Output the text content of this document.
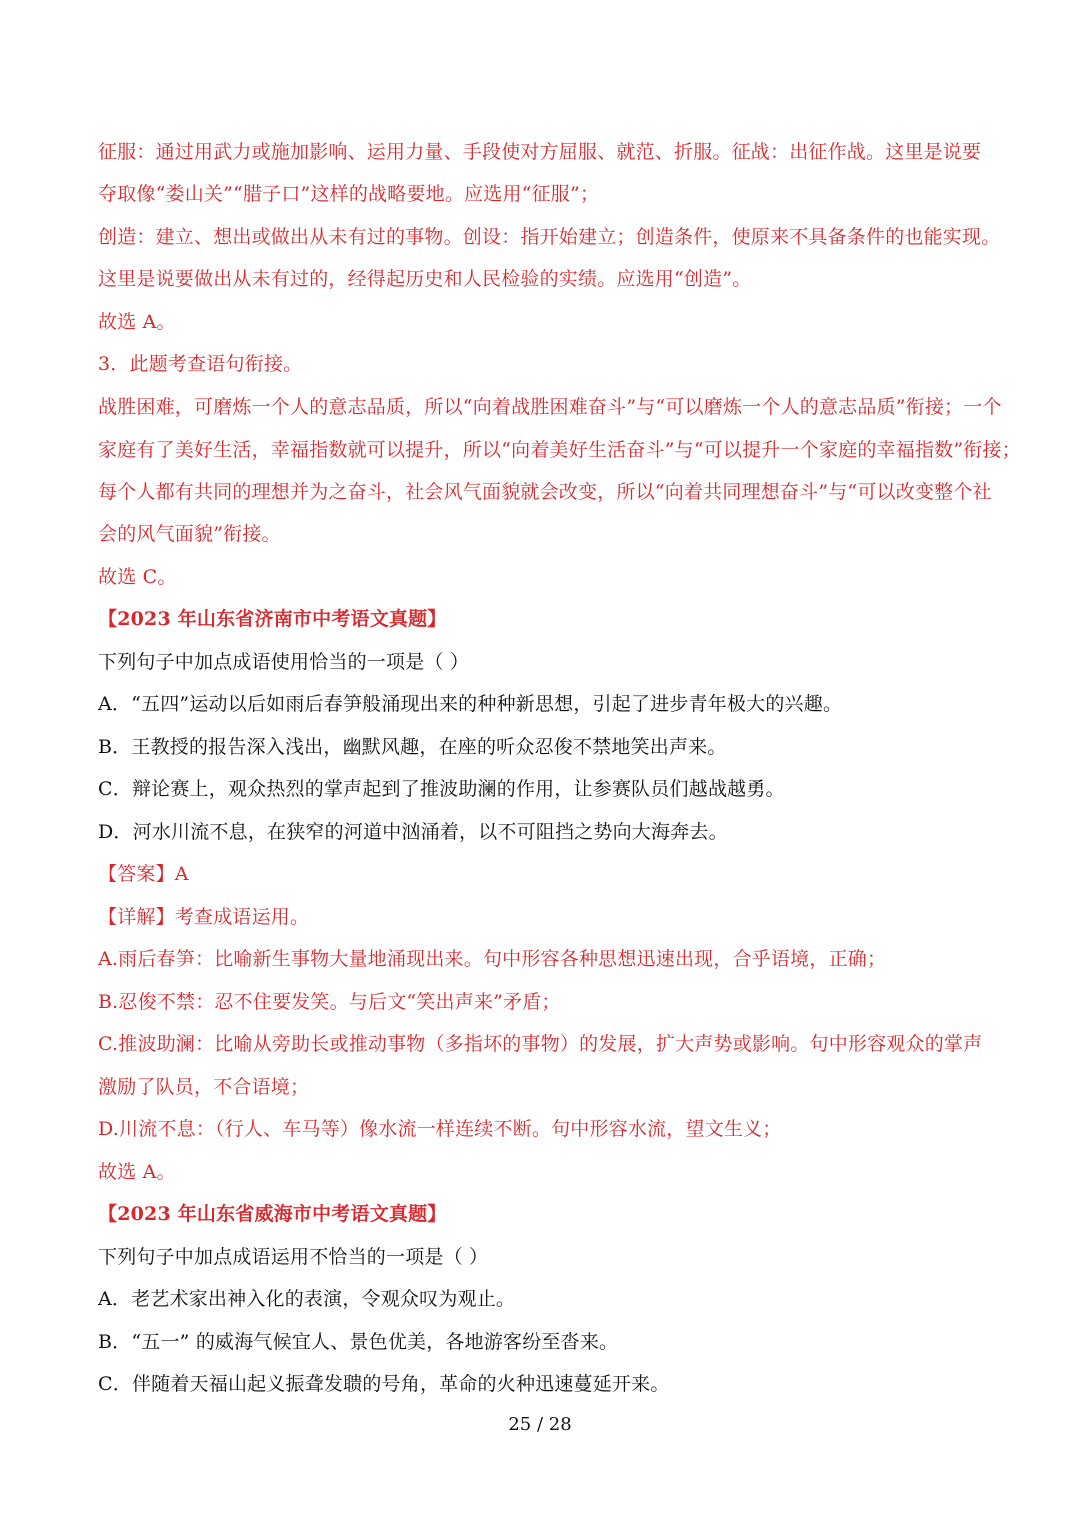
征服：通过用武力或施加影响、运用力量、手段使对方屈服、就范、折服。征战：出征作战。这里是说要
夺取像“娄山关”“腊子口”这样的战略要地。应选用“征服”；
创造：建立、想出或做出从未有过的事物。创设：指开始建立；创造条件，使原来不具备条件的也能实现。
这里是说要做出从未有过的，经得起历史和人民检验的实绩。应选用“创造”。
故选 A。
3．此题考查语句衔接。
战胜困难，可磨炼一个人的意志品质，所以“向着战胜困难奋斗”与“可以磨炼一个人的意志品质”衔接；一个
家庭有了美好生活，幸福指数就可以提升，所以“向着美好生活奋斗”与“可以提升一个家庭的幸福指数”衔接；
每个人都有共同的理想并为之奋斗，社会风气面貌就会改变，所以“向着共同理想奋斗”与“可以改变整个社
会的风气面貌”衔接。
故选 C。
【2023 年山东省济南市中考语文真题】
下列句子中加点成语使用恰当的一项是（ ）
A．“五四”运动以后如雨后春笋般涌现出来的种种新思想，引起了进步青年极大的兴趣。
B．王教授的报告深入浅出，幽默风趣，在座的听众忍俊不禁地笑出声来。
C．辩论赛上，观众热烈的掌声起到了推波助澜的作用，让参赛队员们越战越勇。
D．河水川流不息，在狭窄的河道中汹涌着，以不可阻挡之势向大海奔去。
【答案】A
【详解】考查成语运用。
A.雨后春笋：比喻新生事物大量地涌现出来。句中形容各种思想迅速出现，合乎语境，正确；
B.忍俊不禁：忍不住要发笑。与后文“笑出声来”矛盾；
C.推波助澜：比喻从旁助长或推动事物（多指坏的事物）的发展，扩大声势或影响。句中形容观众的掌声
激励了队员，不合语境；
D.川流不息：（行人、车马等）像水流一样连续不断。句中形容水流，望文生义；
故选 A。
【2023 年山东省威海市中考语文真题】
下列句子中加点成语运用不恰当的一项是（ ）
A．老艺术家出神入化的表演，令观众叹为观止。
B．“五一” 的威海气候宜人、景色优美，各地游客纷至沓来。
C．伴随着天福山起义振聋发聩的号角，革命的火种迅速蔓延开来。
25 / 28
